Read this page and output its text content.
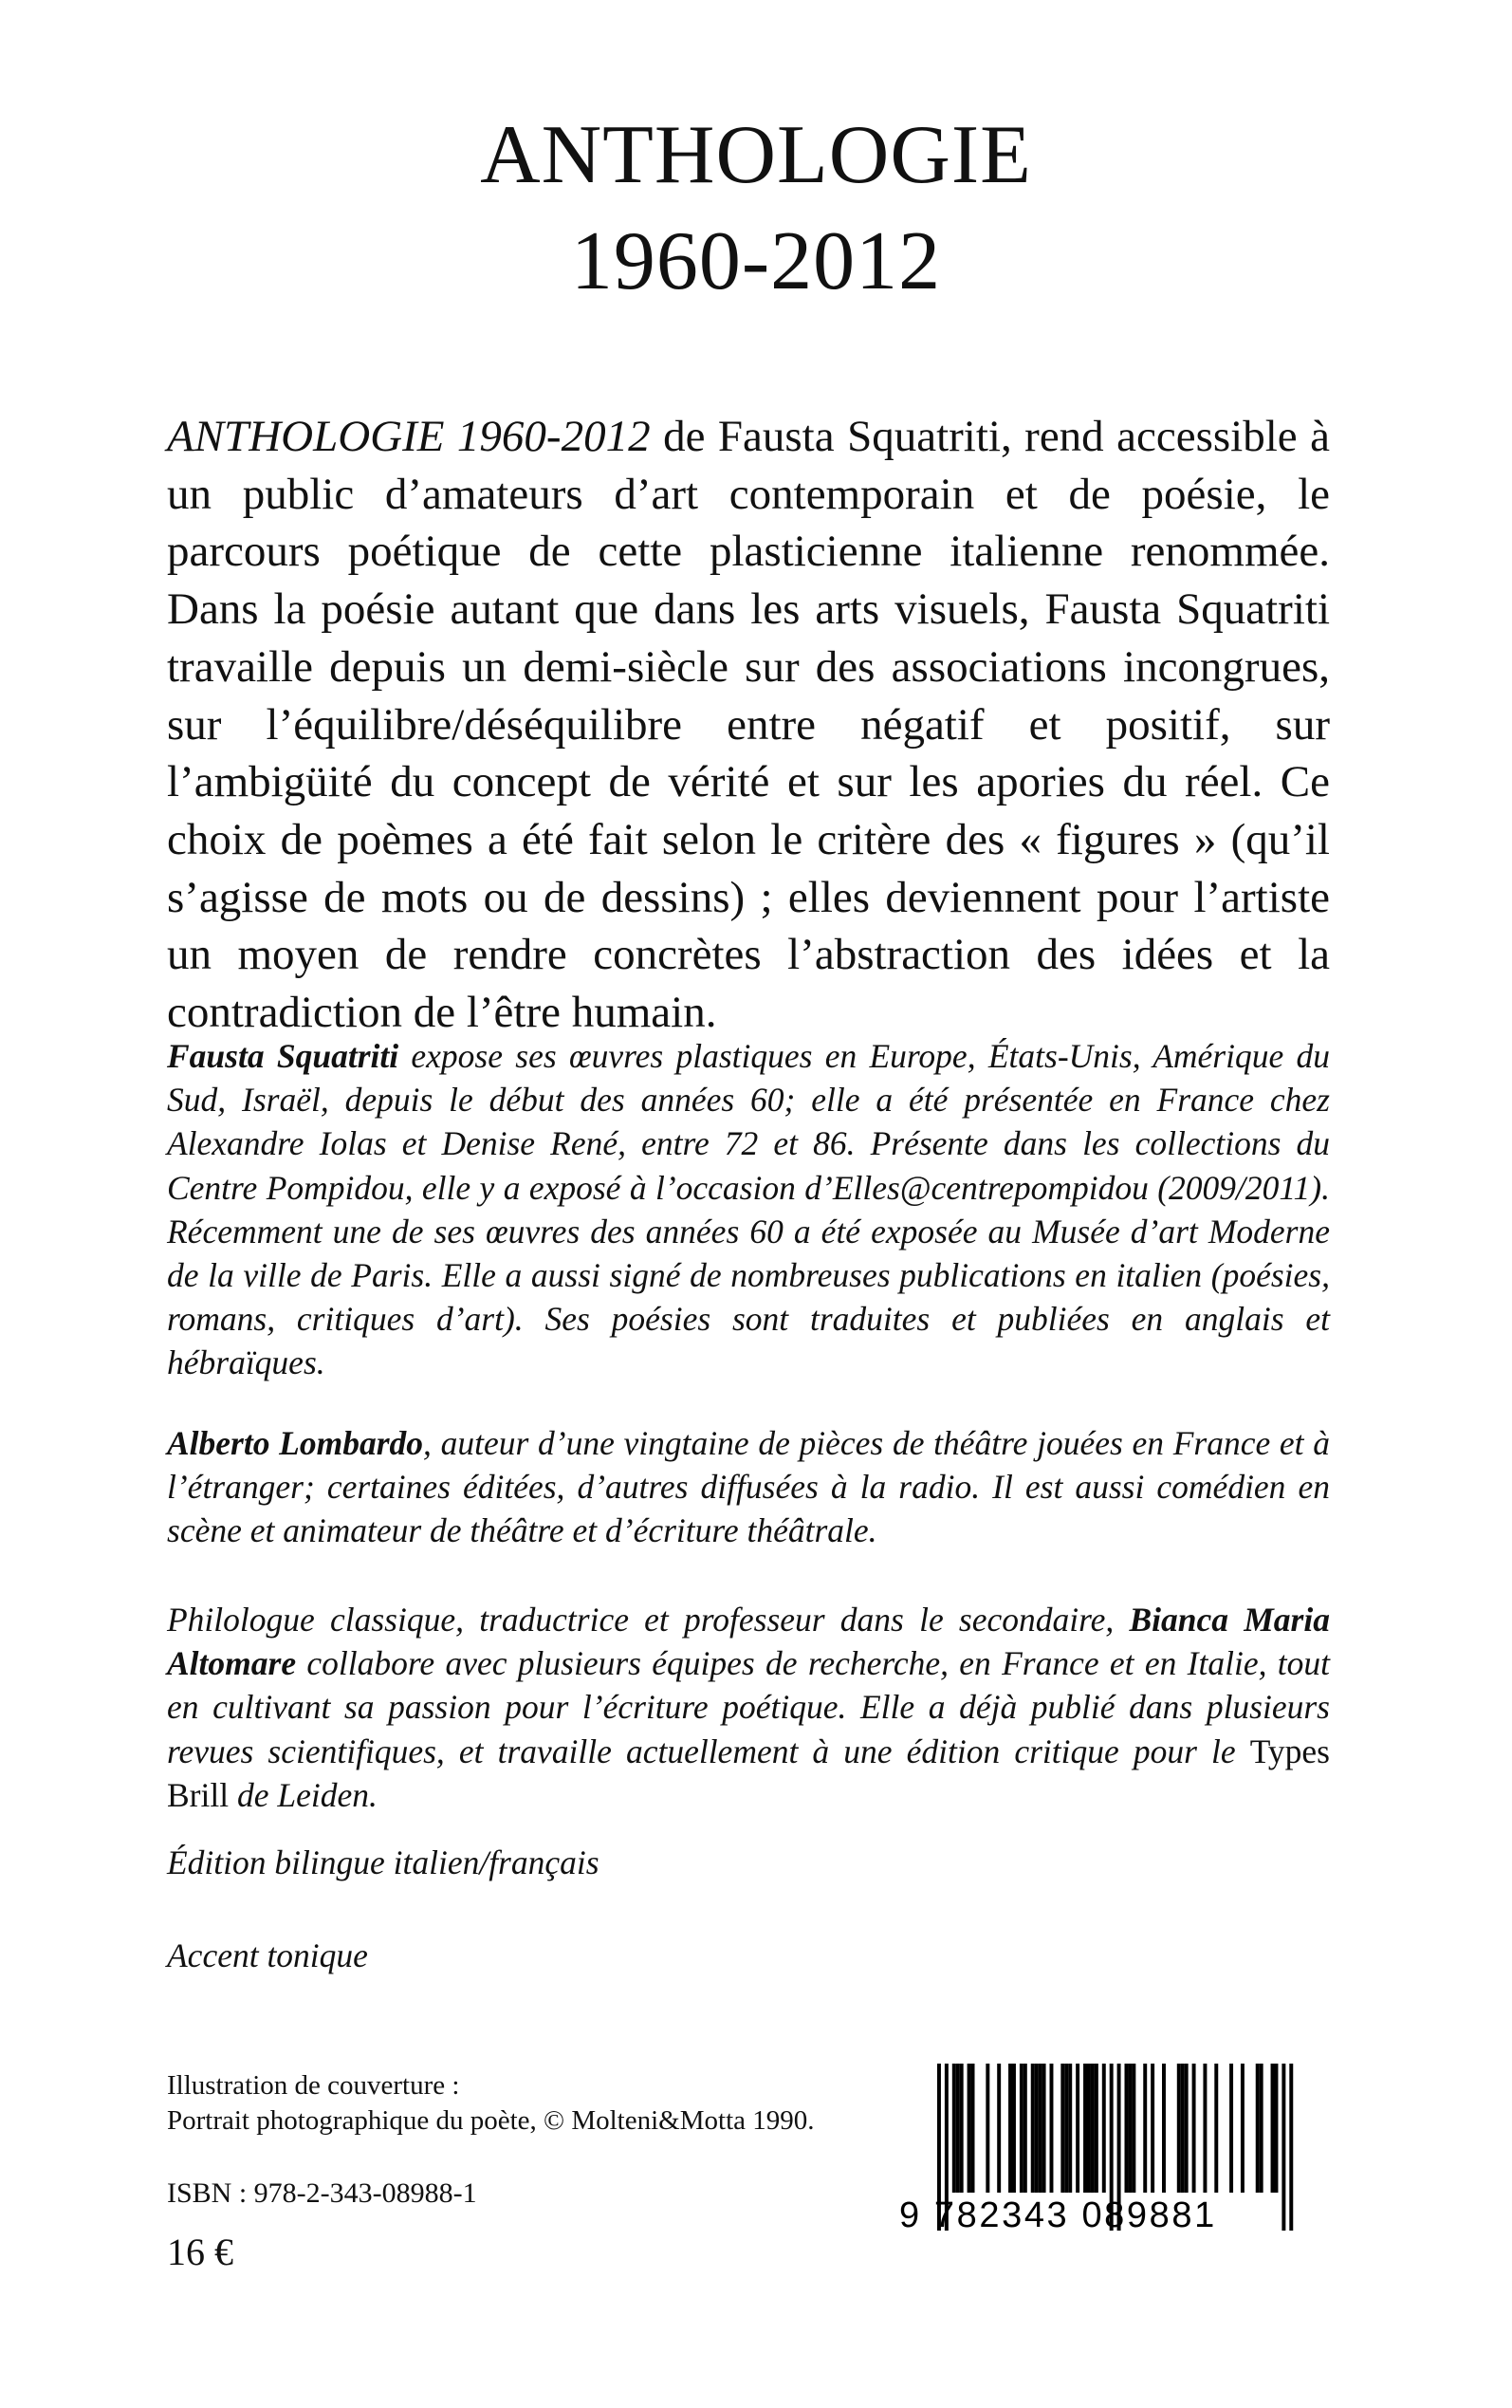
ANTHOLOGIE
1960-2012

ANTHOLOGIE 1960-2012 de Fausta Squatriti, rend accessible à un public d’amateurs d’art contemporain et de poésie, le parcours poétique de cette plasticienne italienne renommée. Dans la poésie autant que dans les arts visuels, Fausta Squatriti travaille depuis un demi-siècle sur des associations incongrues, sur l’équilibre/déséquilibre entre négatif et positif, sur l’ambigüité du concept de vérité et sur les apories du réel. Ce choix de poèmes a été fait selon le critère des « figures » (qu’il s’agisse de mots ou de dessins) ; elles deviennent pour l’artiste un moyen de rendre concrètes l’abstraction des idées et la contradiction de l’être humain.

Fausta Squatriti expose ses œuvres plastiques en Europe, États-Unis, Amérique du Sud, Israël, depuis le début des années 60; elle a été présentée en France chez Alexandre Iolas et Denise René, entre 72 et 86. Présente dans les collections du Centre Pompidou, elle y a exposé à l’occasion d’Elles@centrepompidou (2009/2011). Récemment une de ses œuvres des années 60 a été exposée au Musée d’art Moderne de la ville de Paris. Elle a aussi signé de nombreuses publications en italien (poésies, romans, critiques d’art). Ses poésies sont traduites et publiées en anglais et hébraïques.

Alberto Lombardo, auteur d’une vingtaine de pièces de théâtre jouées en France et à l’étranger; certaines éditées, d’autres diffusées à la radio. Il est aussi comédien en scène et animateur de théâtre et d’écriture théâtrale.

Philologue classique, traductrice et professeur dans le secondaire, Bianca Maria Altomare collabore avec plusieurs équipes de recherche, en France et en Italie, tout en cultivant sa passion pour l’écriture poétique. Elle a déjà publié dans plusieurs revues scientifiques, et travaille actuellement à une édition critique pour le Types Brill de Leiden.

Édition bilingue italien/français

Accent tonique

Illustration de couverture :
Portrait photographique du poète, © Molteni&Motta 1990.
ISBN : 978-2-343-08988-1
16 €
9 782343 089881
